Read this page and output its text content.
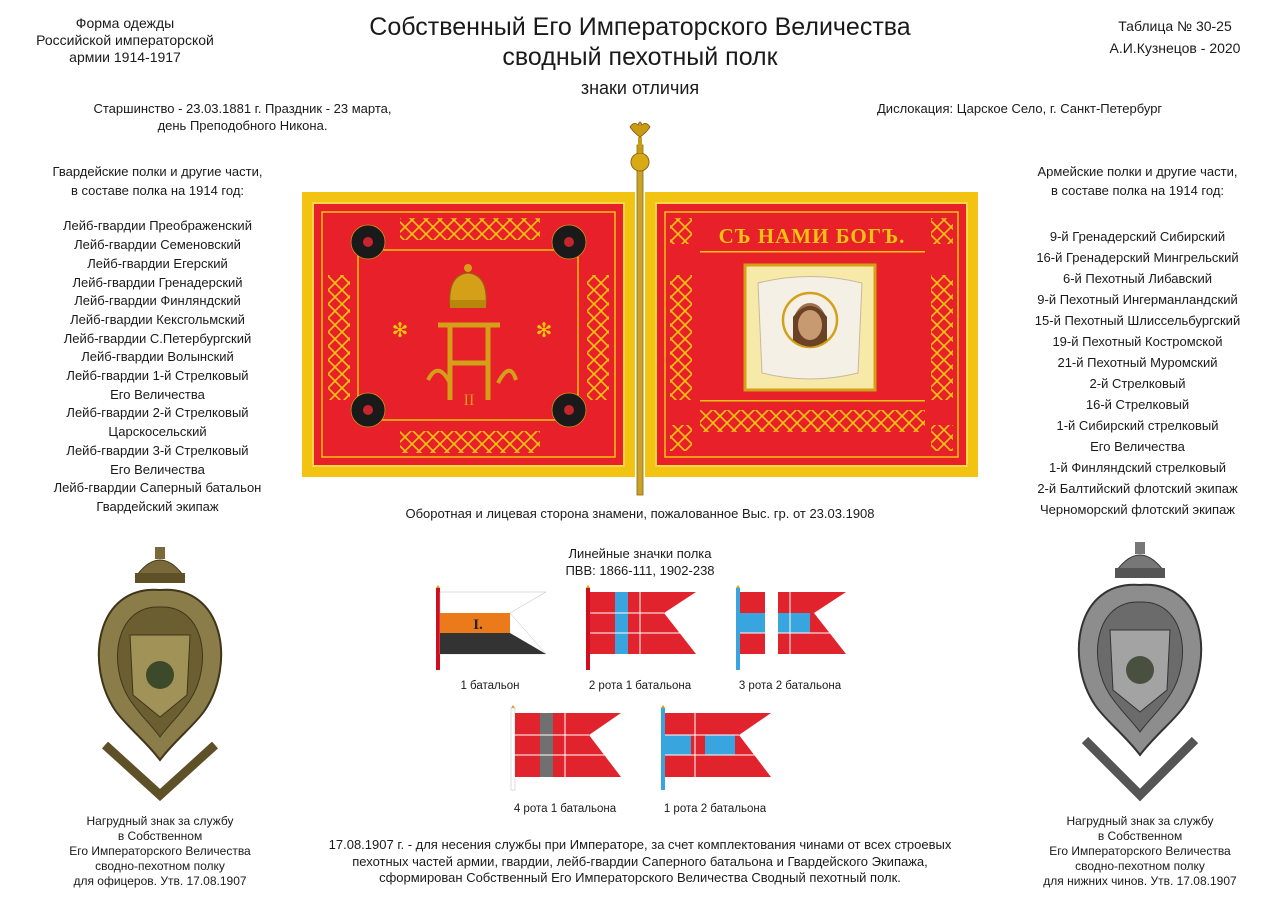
Форма одежды
Российской императорской
армии 1914-1917
Собственный Его Императорского Величества
сводный пехотный полк
знаки отличия
Таблица № 30-25
А.И.Кузнецов - 2020
Старшинство - 23.03.1881 г. Праздник - 23 марта,
день Преподобного Никона.
Дислокация: Царское Село, г. Санкт-Петербург
Гвардейские полки и другие части,
в составе полка на 1914 год:
Лейб-гвардии Преображенский
Лейб-гвардии Семеновский
Лейб-гвардии Егерский
Лейб-гвардии Гренадерский
Лейб-гвардии Финляндский
Лейб-гвардии Кексгольмский
Лейб-гвардии С.Петербургский
Лейб-гвардии Волынский
Лейб-гвардии 1-й Стрелковый
Его Величества
Лейб-гвардии 2-й Стрелковый
Царскосельский
Лейб-гвардии 3-й Стрелковый
Его Величества
Лейб-гвардии Саперный батальон
Гвардейский экипаж
Армейские полки и другие части,
в составе полка на 1914 год:
9-й Гренадерский Сибирский
16-й Гренадерский Мингрельский
6-й Пехотный Либавский
9-й Пехотный Ингерманландский
15-й Пехотный Шлиссельбургский
19-й Пехотный Костромской
21-й Пехотный Муромский
2-й Стрелковый
16-й Стрелковый
1-й Сибирский стрелковый
Его Величества
1-й Финляндский стрелковый
2-й Балтийский флотский экипаж
Черноморский флотский экипаж
II
✻	✻
СЪ НАМИ БОГЪ.
Оборотная и лицевая сторона знамени, пожалованное Выс. гр. от 23.03.1908
Линейные значки полка
ПВВ: 1866-111, 1902-238
I.
1 батальон	2 рота 1 батальона	3 рота 2 батальона
4 рота 1 батальона	1 рота 2 батальона
Нагрудный знак за службу
в Собственном
Его Императорского Величества
сводно-пехотном полку
для офицеров. Утв. 17.08.1907
Нагрудный знак за службу
в Собственном
Его Императорского Величества
сводно-пехотном полку
для нижних чинов. Утв. 17.08.1907
17.08.1907 г. - для несения службы при Императоре, за счет комплектования чинами от всех строевых
пехотных частей армии, гвардии, лейб-гвардии Саперного батальона и Гвардейского Экипажа,
сформирован Собственный Его Императорского Величества Сводный пехотный полк.
